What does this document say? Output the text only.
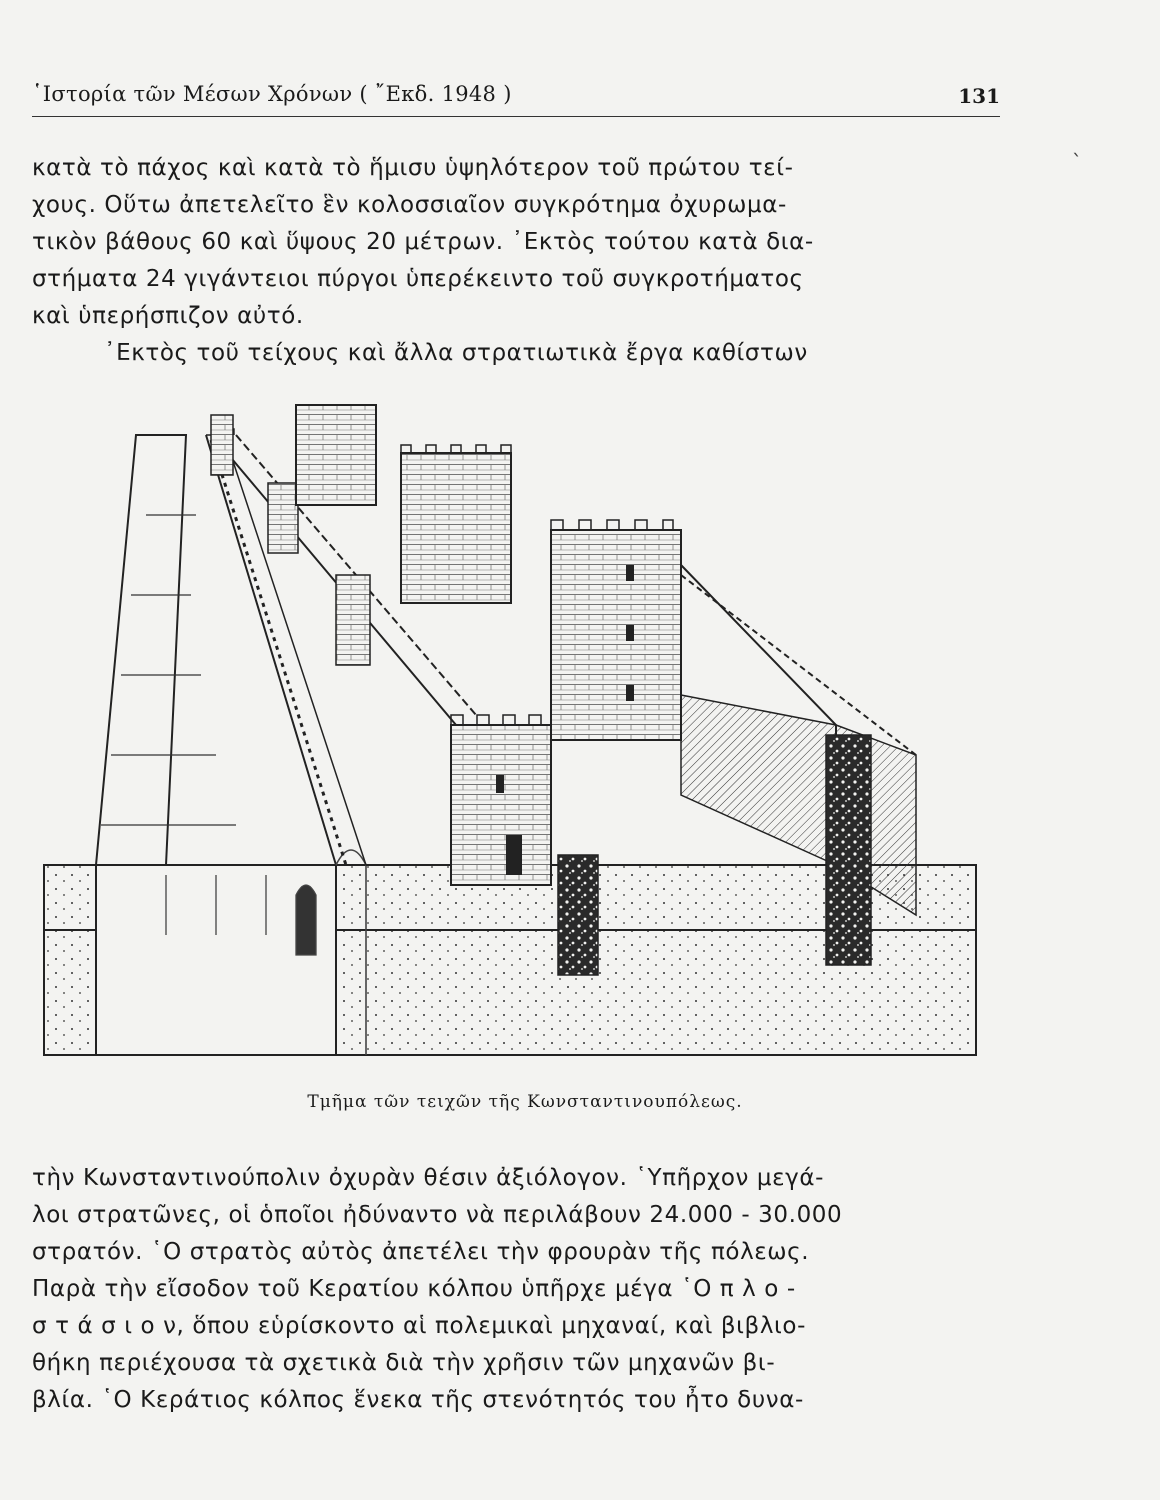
῾Ιστορία τῶν Μέσων Χρόνων ( ῎Εκδ. 1948 )	131
ˋ
κατὰ τὸ πάχος καὶ κατὰ τὸ ἥμισυ ὑψηλότερον τοῦ πρώτου τεί-
χους. Οὕτω ἀπετελεῖτο ἓν κολοσσιαῖον συγκρότημα ὀχυρωμα-
τικὸν βάθους 60 καὶ ὕψους 20 μέτρων. ᾽Εκτὸς τούτου κατὰ δια-
στήματα 24 γιγάντειοι πύργοι ὑπερέκειντο τοῦ συγκροτήματος
καὶ ὑπερήσπιζον αὐτό.
᾽Εκτὸς τοῦ τείχους καὶ ἄλλα στρατιωτικὰ ἔργα καθίστων
Τμῆμα τῶν τειχῶν τῆς Κωνσταντινουπόλεως.
τὴν Κωνσταντινούπολιν ὀχυρὰν θέσιν ἀξιόλογον. ῾Υπῆρχον μεγά-
λοι στρατῶνες, οἱ ὁποῖοι ἠδύναντο νὰ περιλάβουν 24.000 - 30.000
στρατόν. ῾Ο στρατὸς αὐτὸς ἀπετέλει τὴν φρουρὰν τῆς πόλεως.
Παρὰ τὴν εἴσοδον τοῦ Κερατίου κόλπου ὑπῆρχε μέγα ῾Ο π λ ο -
σ τ ά σ ι ο ν, ὅπου εὑρίσκοντο αἱ πολεμικαὶ μηχαναί, καὶ βιβλιο-
θήκη περιέχουσα τὰ σχετικὰ διὰ τὴν χρῆσιν τῶν μηχανῶν βι-
βλία. ῾Ο Κεράτιος κόλπος ἕνεκα τῆς στενότητός του ἦτο δυνα-
